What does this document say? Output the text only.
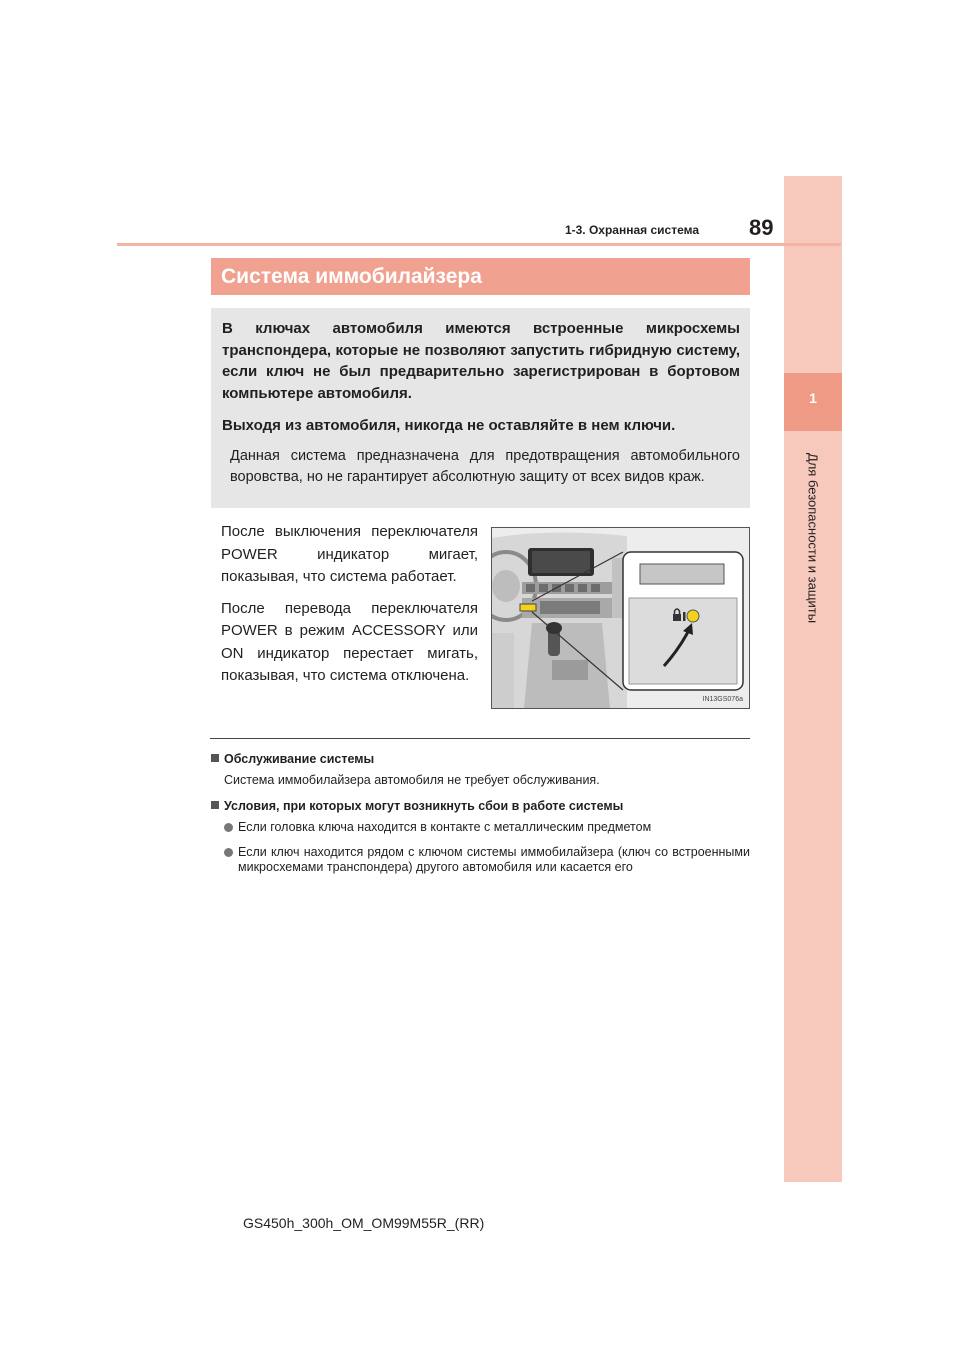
1
Для безопасности и защиты
1-3. Охранная система 89
Система иммобилайзера

В ключах автомобиля имеются встроенные микросхемы транспондера, которые не позволяют запустить гибридную систему, если ключ не был предварительно зарегистрирован в бортовом компьютере автомобиля.

Выходя из автомобиля, никогда не оставляйте в нем ключи.

Данная система предназначена для предотвращения автомобильного воровства, но не гарантирует абсолютную защиту от всех видов краж.

После выключения переключателя POWER индикатор мигает, показывая, что система работает.

После перевода переключателя POWER в режим ACCESSORY или ON индикатор перестает мигать, показывая, что система отключена.

IN13GS076a

Обслуживание системы

Система иммобилайзера автомобиля не требует обслуживания.

Условия, при которых могут возникнуть сбои в работе системы

Если головка ключа находится в контакте с металлическим предметом

Если ключ находится рядом с ключом системы иммобилайзера (ключ со встроенными микросхемами транспондера) другого автомобиля или касается его

GS450h_300h_OM_OM99M55R_(RR)
